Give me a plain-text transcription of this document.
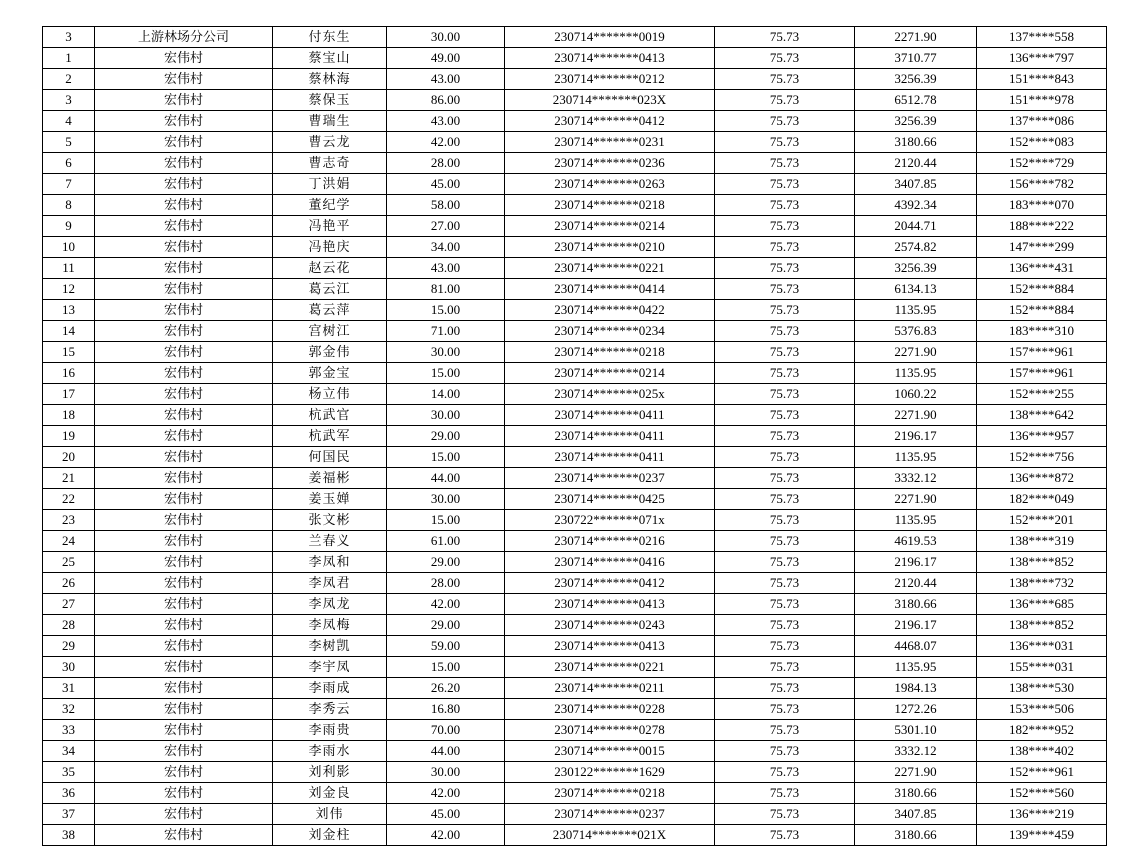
3	上游林场分公司	付东生	30.00	230714*******0019	75.73	2271.90	137****558
1	宏伟村	蔡宝山	49.00	230714*******0413	75.73	3710.77	136****797
2	宏伟村	蔡林海	43.00	230714*******0212	75.73	3256.39	151****843
3	宏伟村	蔡保玉	86.00	230714*******023X	75.73	6512.78	151****978
4	宏伟村	曹瑞生	43.00	230714*******0412	75.73	3256.39	137****086
5	宏伟村	曹云龙	42.00	230714*******0231	75.73	3180.66	152****083
6	宏伟村	曹志奇	28.00	230714*******0236	75.73	2120.44	152****729
7	宏伟村	丁洪娟	45.00	230714*******0263	75.73	3407.85	156****782
8	宏伟村	董纪学	58.00	230714*******0218	75.73	4392.34	183****070
9	宏伟村	冯艳平	27.00	230714*******0214	75.73	2044.71	188****222
10	宏伟村	冯艳庆	34.00	230714*******0210	75.73	2574.82	147****299
11	宏伟村	赵云花	43.00	230714*******0221	75.73	3256.39	136****431
12	宏伟村	葛云江	81.00	230714*******0414	75.73	6134.13	152****884
13	宏伟村	葛云萍	15.00	230714*******0422	75.73	1135.95	152****884
14	宏伟村	宫树江	71.00	230714*******0234	75.73	5376.83	183****310
15	宏伟村	郭金伟	30.00	230714*******0218	75.73	2271.90	157****961
16	宏伟村	郭金宝	15.00	230714*******0214	75.73	1135.95	157****961
17	宏伟村	杨立伟	14.00	230714*******025x	75.73	1060.22	152****255
18	宏伟村	杭武官	30.00	230714*******0411	75.73	2271.90	138****642
19	宏伟村	杭武军	29.00	230714*******0411	75.73	2196.17	136****957
20	宏伟村	何国民	15.00	230714*******0411	75.73	1135.95	152****756
21	宏伟村	姜福彬	44.00	230714*******0237	75.73	3332.12	136****872
22	宏伟村	姜玉婵	30.00	230714*******0425	75.73	2271.90	182****049
23	宏伟村	张文彬	15.00	230722*******071x	75.73	1135.95	152****201
24	宏伟村	兰春义	61.00	230714*******0216	75.73	4619.53	138****319
25	宏伟村	李凤和	29.00	230714*******0416	75.73	2196.17	138****852
26	宏伟村	李凤君	28.00	230714*******0412	75.73	2120.44	138****732
27	宏伟村	李凤龙	42.00	230714*******0413	75.73	3180.66	136****685
28	宏伟村	李凤梅	29.00	230714*******0243	75.73	2196.17	138****852
29	宏伟村	李树凯	59.00	230714*******0413	75.73	4468.07	136****031
30	宏伟村	李宇凤	15.00	230714*******0221	75.73	1135.95	155****031
31	宏伟村	李雨成	26.20	230714*******0211	75.73	1984.13	138****530
32	宏伟村	李秀云	16.80	230714*******0228	75.73	1272.26	153****506
33	宏伟村	李雨贵	70.00	230714*******0278	75.73	5301.10	182****952
34	宏伟村	李雨水	44.00	230714*******0015	75.73	3332.12	138****402
35	宏伟村	刘利影	30.00	230122*******1629	75.73	2271.90	152****961
36	宏伟村	刘金良	42.00	230714*******0218	75.73	3180.66	152****560
37	宏伟村	刘伟	45.00	230714*******0237	75.73	3407.85	136****219
38	宏伟村	刘金柱	42.00	230714*******021X	75.73	3180.66	139****459
